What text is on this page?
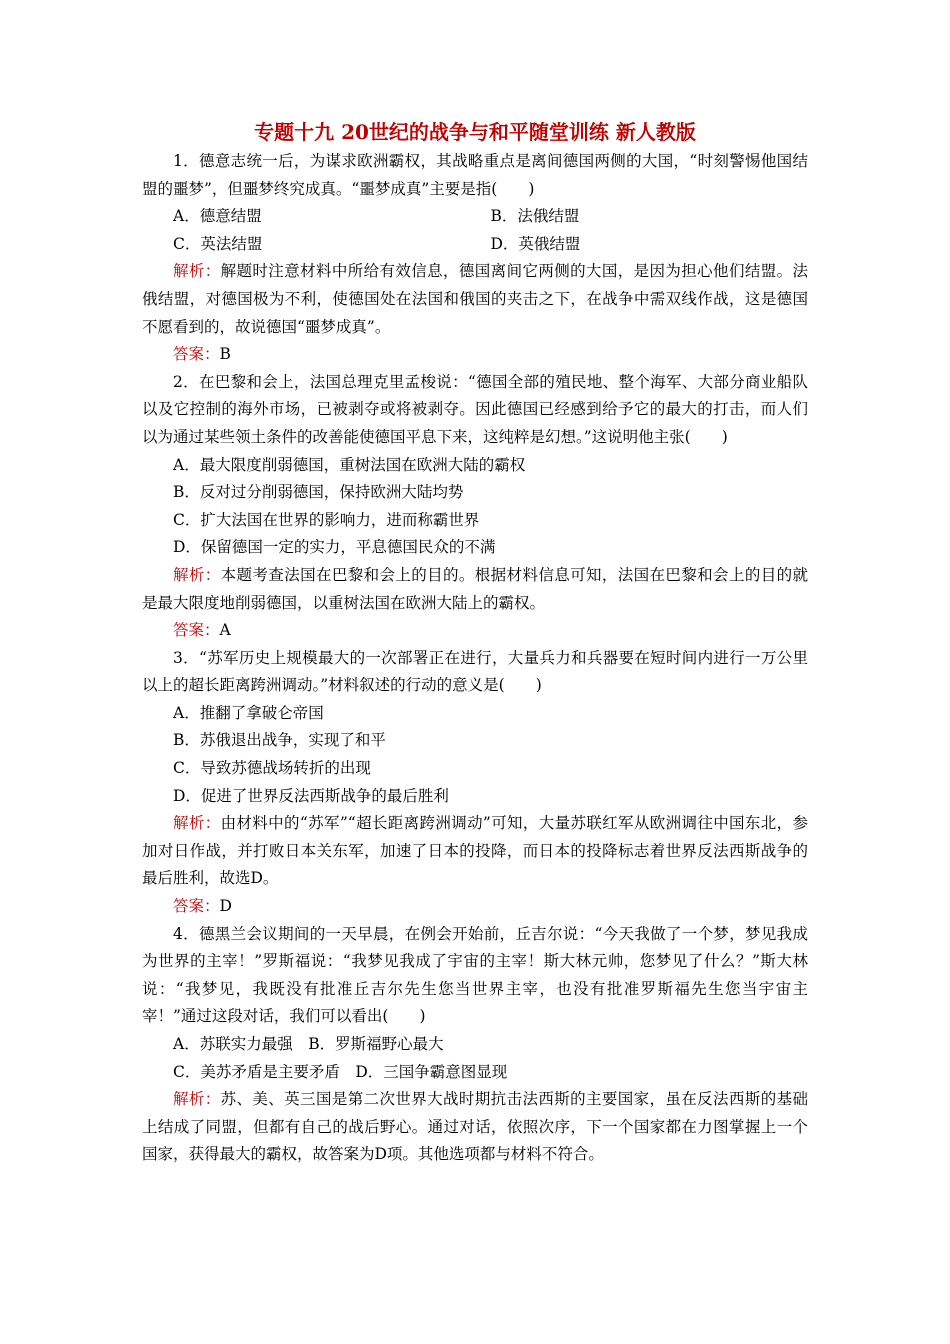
专题十九 20世纪的战争与和平随堂训练 新人教版

1．德意志统一后，为谋求欧洲霸权，其战略重点是离间德国两侧的大国，“时刻警惕他国结盟的噩梦”，但噩梦终究成真。“噩梦成真”主要是指(　　)

A．德意结盟	B．法俄结盟
C．英法结盟	D．英俄结盟

解析：解题时注意材料中所给有效信息，德国离间它两侧的大国，是因为担心他们结盟。法俄结盟，对德国极为不利，使德国处在法国和俄国的夹击之下，在战争中需双线作战，这是德国不愿看到的，故说德国“噩梦成真”。

答案：B

2．在巴黎和会上，法国总理克里孟梭说：“德国全部的殖民地、整个海军、大部分商业船队以及它控制的海外市场，已被剥夺或将被剥夺。因此德国已经感到给予它的最大的打击，而人们以为通过某些领土条件的改善能使德国平息下来，这纯粹是幻想。”这说明他主张(　　)

A．最大限度削弱德国，重树法国在欧洲大陆的霸权

B．反对过分削弱德国，保持欧洲大陆均势

C．扩大法国在世界的影响力，进而称霸世界

D．保留德国一定的实力，平息德国民众的不满

解析：本题考查法国在巴黎和会上的目的。根据材料信息可知，法国在巴黎和会上的目的就是最大限度地削弱德国，以重树法国在欧洲大陆上的霸权。

答案：A

3．“苏军历史上规模最大的一次部署正在进行，大量兵力和兵器要在短时间内进行一万公里以上的超长距离跨洲调动。”材料叙述的行动的意义是(　　)

A．推翻了拿破仑帝国

B．苏俄退出战争，实现了和平

C．导致苏德战场转折的出现

D．促进了世界反法西斯战争的最后胜利

解析：由材料中的“苏军”“超长距离跨洲调动”可知，大量苏联红军从欧洲调往中国东北，参加对日作战，并打败日本关东军，加速了日本的投降，而日本的投降标志着世界反法西斯战争的最后胜利，故选D。

答案：D

4．德黑兰会议期间的一天早晨，在例会开始前，丘吉尔说：“今天我做了一个梦，梦见我成为世界的主宰！”罗斯福说：“我梦见我成了宇宙的主宰！斯大林元帅，您梦见了什么？”斯大林说：“我梦见，我既没有批准丘吉尔先生您当世界主宰，也没有批准罗斯福先生您当宇宙主宰！”通过这段对话，我们可以看出(　　)

A．苏联实力最强　B．罗斯福野心最大

C．美苏矛盾是主要矛盾　D．三国争霸意图显现

解析：苏、美、英三国是第二次世界大战时期抗击法西斯的主要国家，虽在反法西斯的基础上结成了同盟，但都有自己的战后野心。通过对话，依照次序，下一个国家都在力图掌握上一个国家，获得最大的霸权，故答案为D项。其他选项都与材料不符合。
